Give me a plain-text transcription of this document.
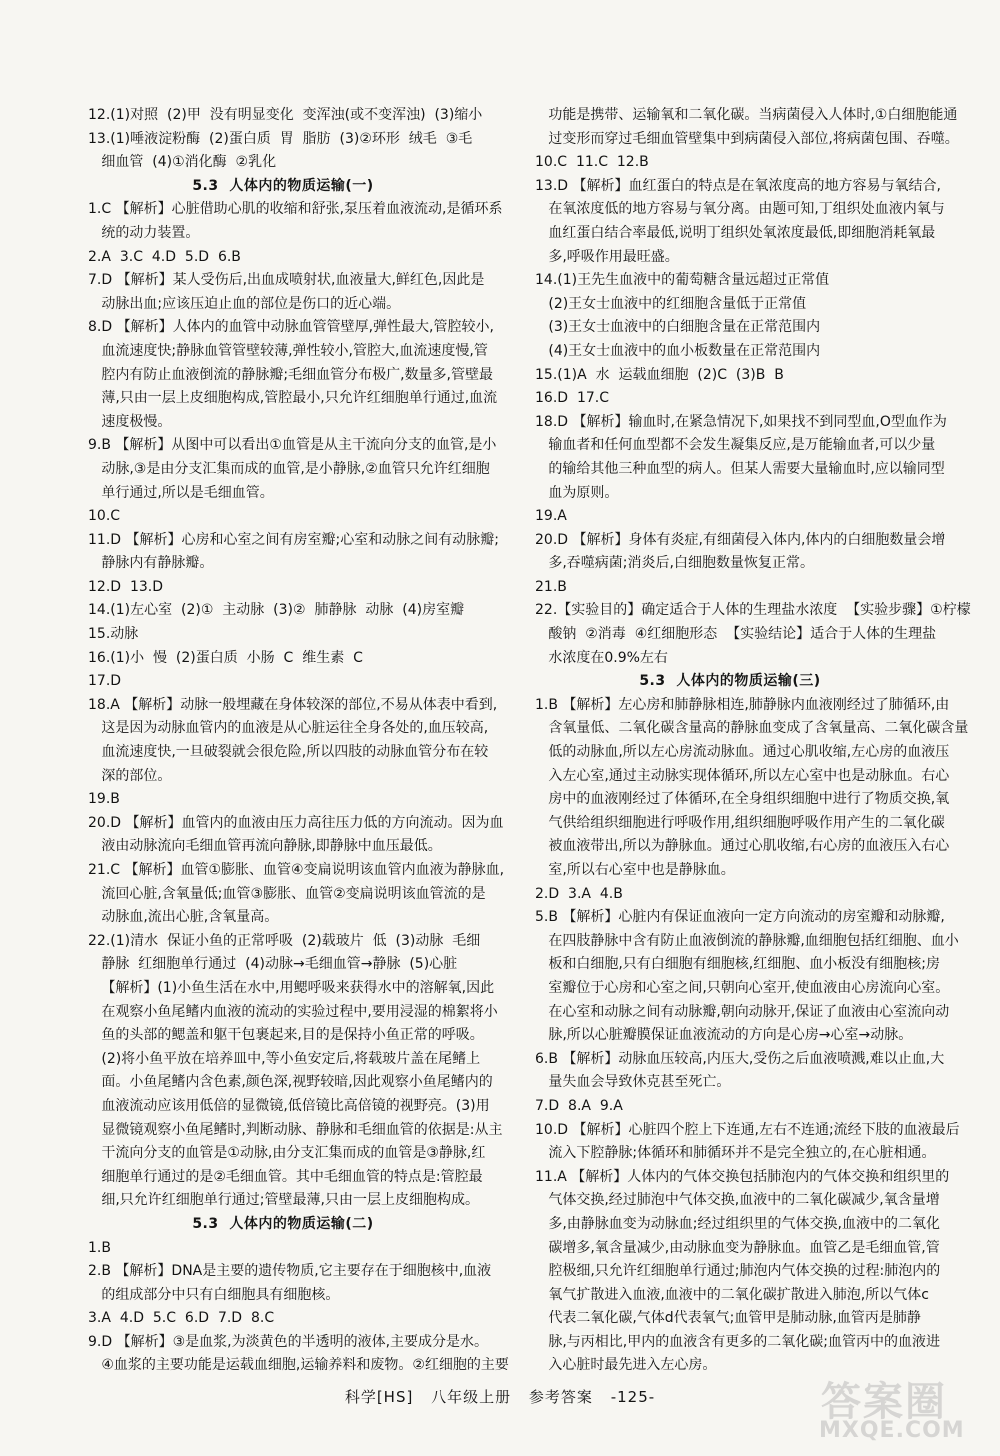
12.(1)对照  (2)甲  没有明显变化  变浑浊(或不变浑浊)  (3)缩小
13.(1)唾液淀粉酶  (2)蛋白质  胃  脂肪  (3)②环形  绒毛  ③毛
细血管  (4)①消化酶  ②乳化
5.3  人体内的物质运输(一)
1.C 【解析】心脏借助心肌的收缩和舒张,泵压着血液流动,是循环系
统的动力装置。
2.A  3.C  4.D  5.D  6.B
7.D 【解析】某人受伤后,出血成喷射状,血液量大,鲜红色,因此是
动脉出血;应该压迫止血的部位是伤口的近心端。
8.D 【解析】人体内的血管中动脉血管管壁厚,弹性最大,管腔较小,
血流速度快;静脉血管管壁较薄,弹性较小,管腔大,血流速度慢,管
腔内有防止血液倒流的静脉瓣;毛细血管分布极广,数量多,管壁最
薄,只由一层上皮细胞构成,管腔最小,只允许红细胞单行通过,血流
速度极慢。
9.B 【解析】从图中可以看出①血管是从主干流向分支的血管,是小
动脉,③是由分支汇集而成的血管,是小静脉,②血管只允许红细胞
单行通过,所以是毛细血管。
10.C
11.D 【解析】心房和心室之间有房室瓣;心室和动脉之间有动脉瓣;
静脉内有静脉瓣。
12.D  13.D
14.(1)左心室  (2)①  主动脉  (3)②  肺静脉  动脉  (4)房室瓣
15.动脉
16.(1)小  慢  (2)蛋白质  小肠  C  维生素  C
17.D
18.A 【解析】动脉一般埋藏在身体较深的部位,不易从体表中看到,
这是因为动脉血管内的血液是从心脏运往全身各处的,血压较高,
血流速度快,一旦破裂就会很危险,所以四肢的动脉血管分布在较
深的部位。
19.B
20.D 【解析】血管内的血液由压力高往压力低的方向流动。因为血
液由动脉流向毛细血管再流向静脉,即静脉中血压最低。
21.C 【解析】血管①膨胀、血管④变扁说明该血管内血液为静脉血,
流回心脏,含氧量低;血管③膨胀、血管②变扁说明该血管流的是
动脉血,流出心脏,含氧量高。
22.(1)清水  保证小鱼的正常呼吸  (2)载玻片  低  (3)动脉  毛细
静脉  红细胞单行通过  (4)动脉→毛细血管→静脉  (5)心脏
【解析】(1)小鱼生活在水中,用鳃呼吸来获得水中的溶解氧,因此
在观察小鱼尾鳍内血液的流动的实验过程中,要用浸湿的棉絮将小
鱼的头部的鳃盖和躯干包裹起来,目的是保持小鱼正常的呼吸。
(2)将小鱼平放在培养皿中,等小鱼安定后,将载玻片盖在尾鳍上
面。小鱼尾鳍内含色素,颜色深,视野较暗,因此观察小鱼尾鳍内的
血液流动应该用低倍的显微镜,低倍镜比高倍镜的视野亮。(3)用
显微镜观察小鱼尾鳍时,判断动脉、静脉和毛细血管的依据是:从主
干流向分支的血管是①动脉,由分支汇集而成的血管是③静脉,红
细胞单行通过的是②毛细血管。其中毛细血管的特点是:管腔最
细,只允许红细胞单行通过;管壁最薄,只由一层上皮细胞构成。
5.3  人体内的物质运输(二)
1.B
2.B 【解析】DNA是主要的遗传物质,它主要存在于细胞核中,血液
的组成部分中只有白细胞具有细胞核。
3.A  4.D  5.C  6.D  7.D  8.C
9.D 【解析】③是血浆,为淡黄色的半透明的液体,主要成分是水。
④血浆的主要功能是运载血细胞,运输养料和废物。②红细胞的主要
功能是携带、运输氧和二氧化碳。当病菌侵入人体时,①白细胞能通
过变形而穿过毛细血管壁集中到病菌侵入部位,将病菌包围、吞噬。
10.C  11.C  12.B
13.D 【解析】血红蛋白的特点是在氧浓度高的地方容易与氧结合,
在氧浓度低的地方容易与氧分离。由题可知,丁组织处血液内氧与
血红蛋白结合率最低,说明丁组织处氧浓度最低,即细胞消耗氧最
多,呼吸作用最旺盛。
14.(1)王先生血液中的葡萄糖含量远超过正常值
(2)王女士血液中的红细胞含量低于正常值
(3)王女士血液中的白细胞含量在正常范围内
(4)王女士血液中的血小板数量在正常范围内
15.(1)A  水  运载血细胞  (2)C  (3)B  B
16.D  17.C
18.D 【解析】输血时,在紧急情况下,如果找不到同型血,O型血作为
输血者和任何血型都不会发生凝集反应,是万能输血者,可以少量
的输给其他三种血型的病人。但某人需要大量输血时,应以输同型
血为原则。
19.A
20.D 【解析】身体有炎症,有细菌侵入体内,体内的白细胞数量会增
多,吞噬病菌;消炎后,白细胞数量恢复正常。
21.B
22.【实验目的】确定适合于人体的生理盐水浓度  【实验步骤】①柠檬
酸钠  ②消毒  ④红细胞形态  【实验结论】适合于人体的生理盐
水浓度在0.9%左右
5.3  人体内的物质运输(三)
1.B 【解析】左心房和肺静脉相连,肺静脉内血液刚经过了肺循环,由
含氧量低、二氧化碳含量高的静脉血变成了含氧量高、二氧化碳含量
低的动脉血,所以左心房流动脉血。通过心肌收缩,左心房的血液压
入左心室,通过主动脉实现体循环,所以左心室中也是动脉血。右心
房中的血液刚经过了体循环,在全身组织细胞中进行了物质交换,氧
气供给组织细胞进行呼吸作用,组织细胞呼吸作用产生的二氧化碳
被血液带出,所以为静脉血。通过心肌收缩,右心房的血液压入右心
室,所以右心室中也是静脉血。
2.D  3.A  4.B
5.B 【解析】心脏内有保证血液向一定方向流动的房室瓣和动脉瓣,
在四肢静脉中含有防止血液倒流的静脉瓣,血细胞包括红细胞、血小
板和白细胞,只有白细胞有细胞核,红细胞、血小板没有细胞核;房
室瓣位于心房和心室之间,只朝向心室开,使血液由心房流向心室。
在心室和动脉之间有动脉瓣,朝向动脉开,保证了血液由心室流向动
脉,所以心脏瓣膜保证血液流动的方向是心房→心室→动脉。
6.B 【解析】动脉血压较高,内压大,受伤之后血液喷溅,难以止血,大
量失血会导致休克甚至死亡。
7.D  8.A  9.A
10.D 【解析】心脏四个腔上下连通,左右不连通;流经下肢的血液最后
流入下腔静脉;体循环和肺循环并不是完全独立的,在心脏相通。
11.A 【解析】人体内的气体交换包括肺泡内的气体交换和组织里的
气体交换,经过肺泡中气体交换,血液中的二氧化碳减少,氧含量增
多,由静脉血变为动脉血;经过组织里的气体交换,血液中的二氧化
碳增多,氧含量减少,由动脉血变为静脉血。血管乙是毛细血管,管
腔极细,只允许红细胞单行通过;肺泡内气体交换的过程:肺泡内的
氧气扩散进入血液,血液中的二氧化碳扩散进入肺泡,所以气体c
代表二氧化碳,气体d代表氧气;血管甲是肺动脉,血管丙是肺静
脉,与丙相比,甲内的血液含有更多的二氧化碳;血管丙中的血液进
入心脏时最先进入左心房。
科学[HS] 八年级上册 参考答案 -125-	答案圈
MXQE.COM
